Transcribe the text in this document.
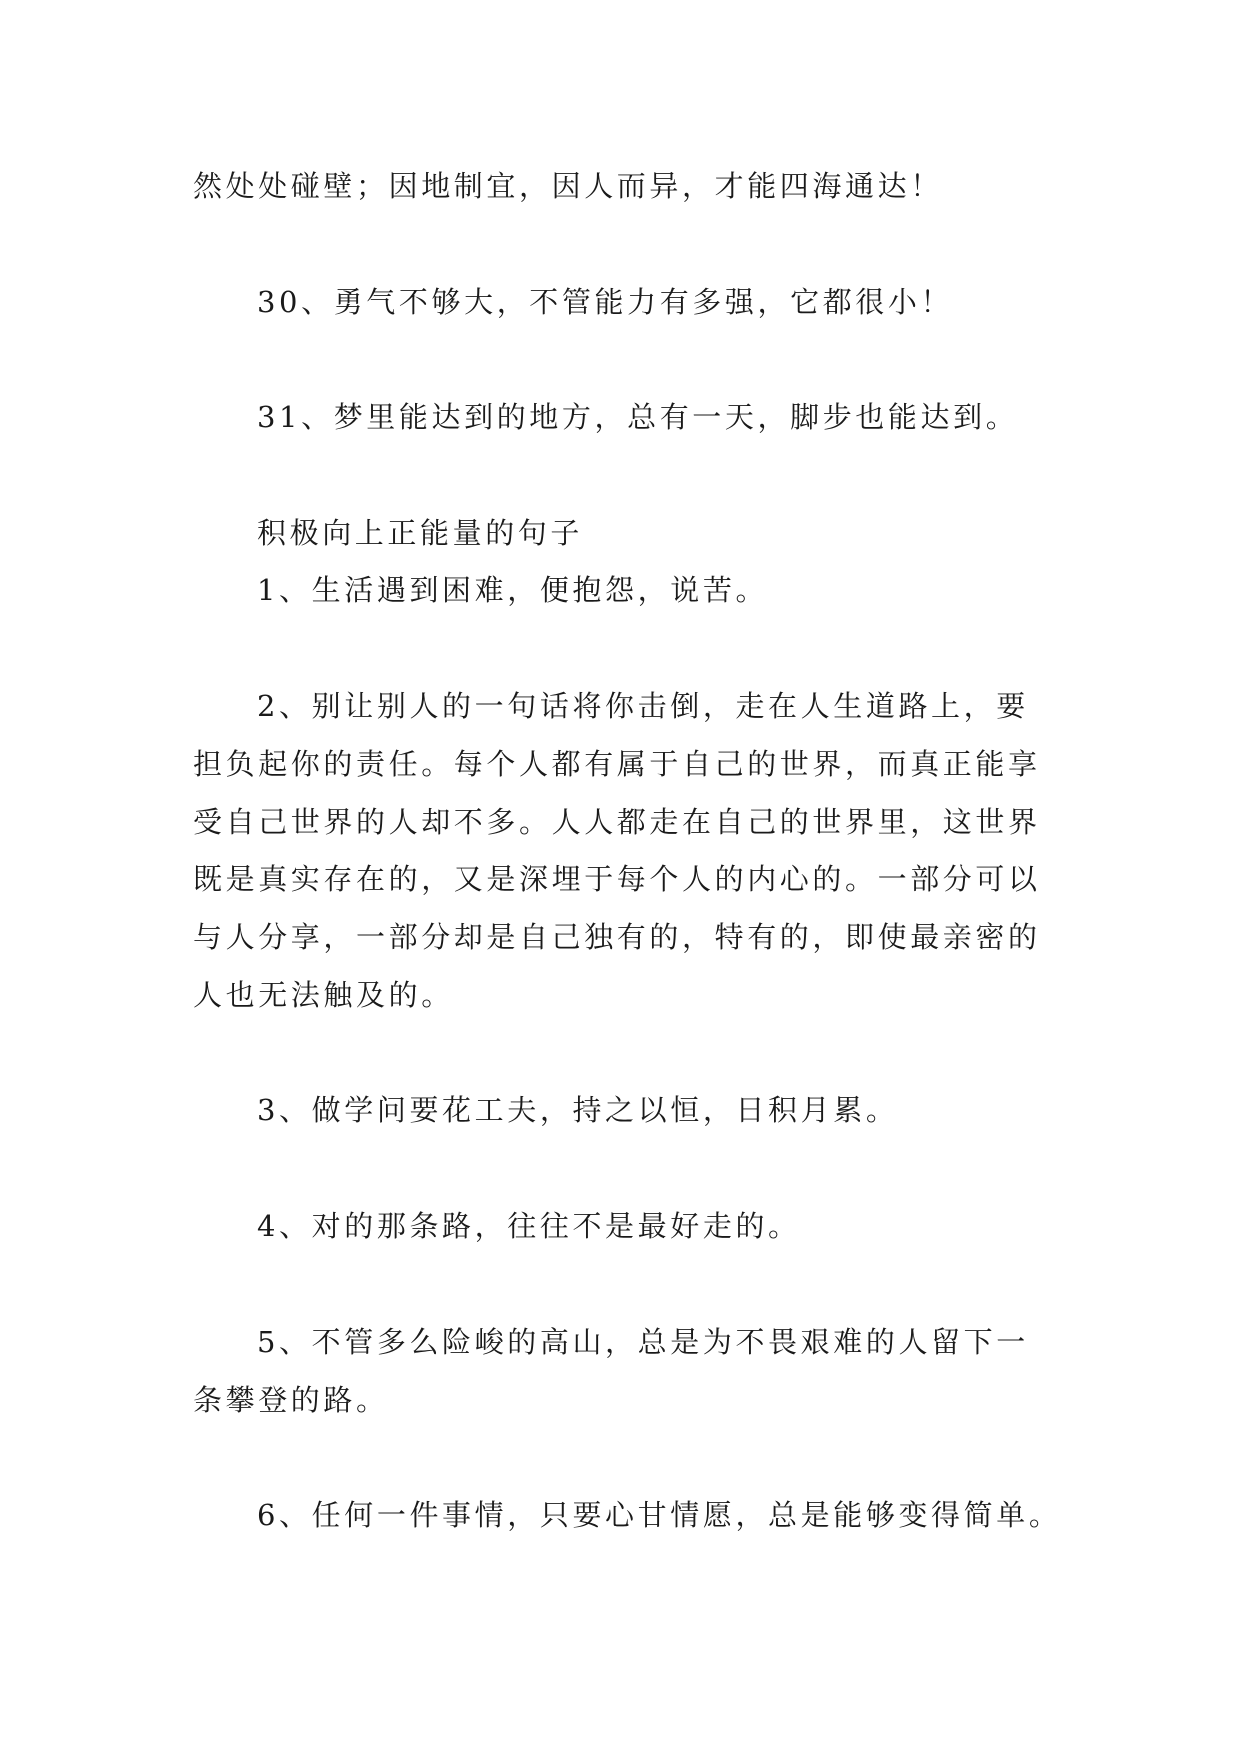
然处处碰壁；因地制宜，因人而异，才能四海通达！
30、勇气不够大，不管能力有多强，它都很小！
31、梦里能达到的地方，总有一天，脚步也能达到。
积极向上正能量的句子
1、生活遇到困难，便抱怨，说苦。
2、别让别人的一句话将你击倒，走在人生道路上，要
担负起你的责任。每个人都有属于自己的世界，而真正能享
受自己世界的人却不多。人人都走在自己的世界里，这世界
既是真实存在的，又是深埋于每个人的内心的。一部分可以
与人分享，一部分却是自己独有的，特有的，即使最亲密的
人也无法触及的。
3、做学问要花工夫，持之以恒，日积月累。
4、对的那条路，往往不是最好走的。
5、不管多么险峻的高山，总是为不畏艰难的人留下一
条攀登的路。
6、任何一件事情，只要心甘情愿，总是能够变得简单。
